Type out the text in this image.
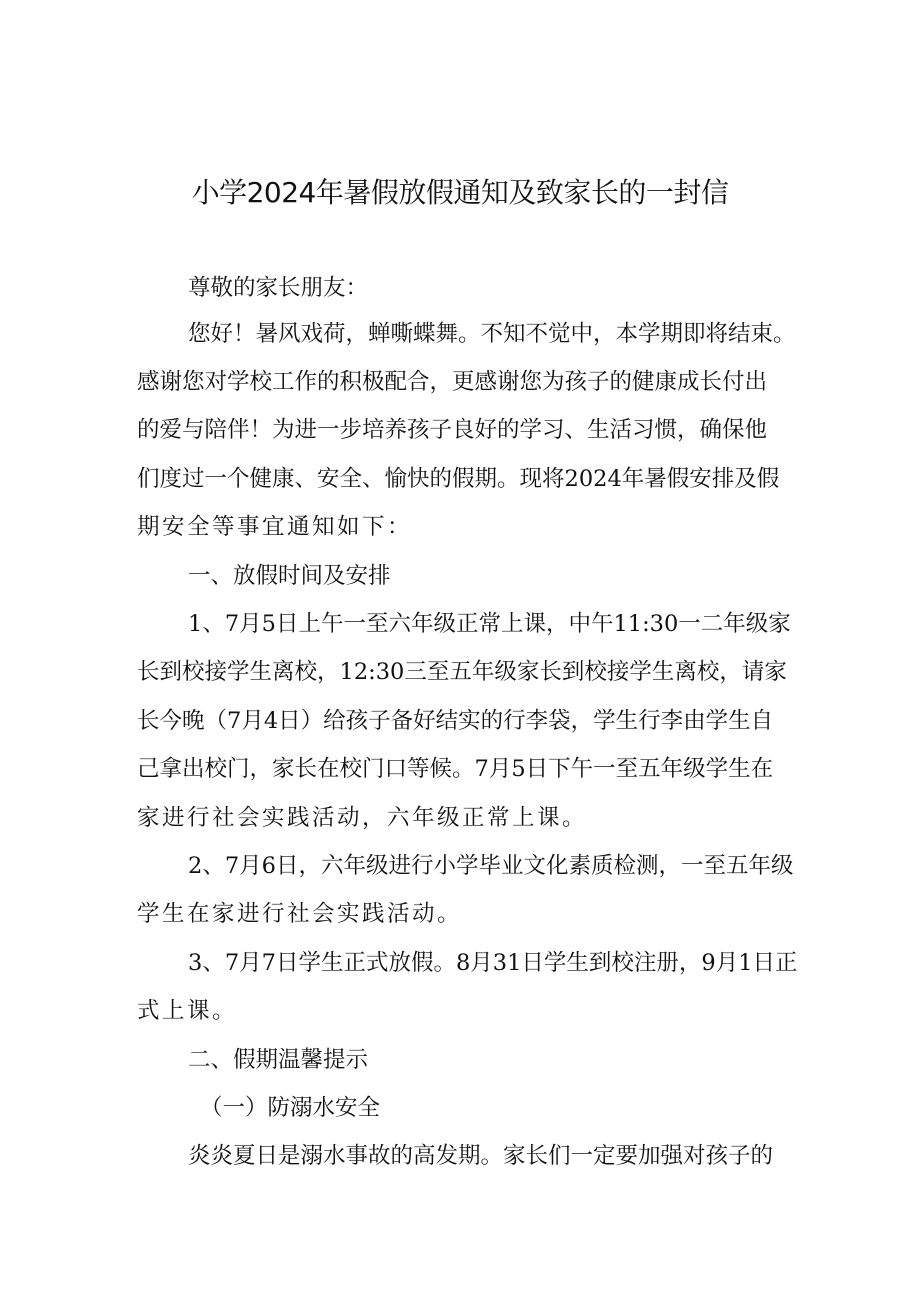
小学2024年暑假放假通知及致家长的一封信

尊敬的家长朋友：

您好！暑风戏荷，蝉嘶蝶舞。不知不觉中，本学期即将结束。

感谢您对学校工作的积极配合，更感谢您为孩子的健康成长付出

的爱与陪伴！为进一步培养孩子良好的学习、生活习惯，确保他

们度过一个健康、安全、愉快的假期。现将2024年暑假安排及假

期安全等事宜通知如下：

一、放假时间及安排

1、7月5日上午一至六年级正常上课，中午11:30一二年级家

长到校接学生离校，12:30三至五年级家长到校接学生离校，请家

长今晚（7月4日）给孩子备好结实的行李袋，学生行李由学生自

己拿出校门，家长在校门口等候。7月5日下午一至五年级学生在

家进行社会实践活动，六年级正常上课。

2、7月6日，六年级进行小学毕业文化素质检测，一至五年级

学生在家进行社会实践活动。

3、7月7日学生正式放假。8月31日学生到校注册，9月1日正

式上课。

二、假期温馨提示

（一）防溺水安全

炎炎夏日是溺水事故的高发期。家长们一定要加强对孩子的
